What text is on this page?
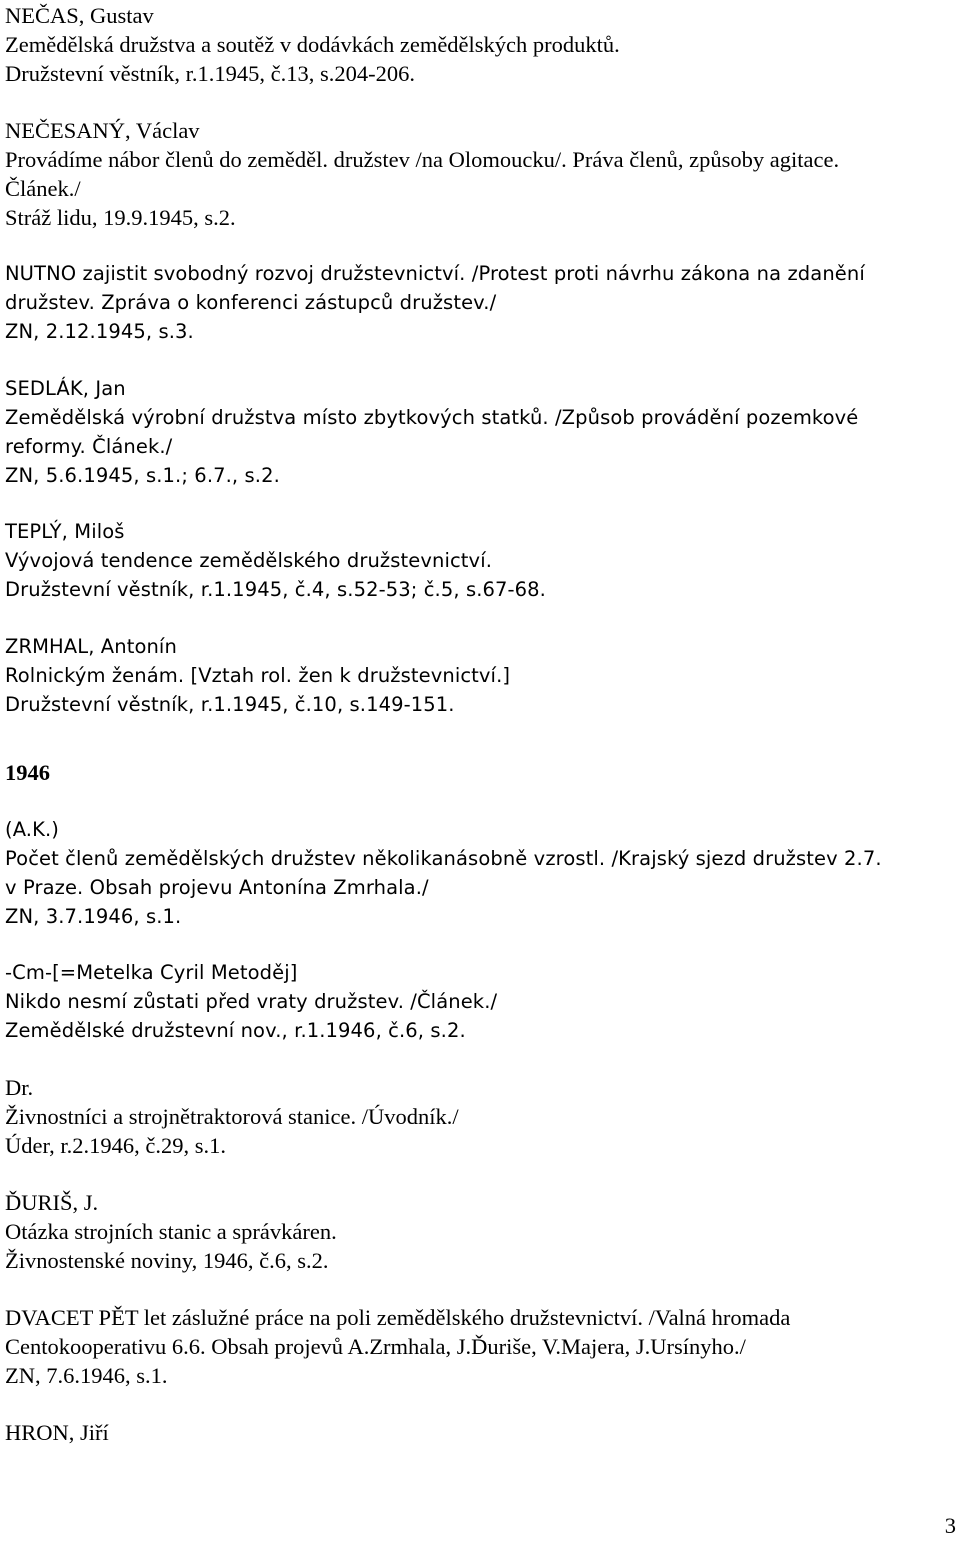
NEČAS, Gustav
Zemědělská družstva a soutěž v dodávkách zemědělských produktů.
Družstevní věstník, r.1.1945, č.13, s.204-206.
NEČESANÝ, Václav
Provádíme nábor členů do zeměděl. družstev /na Olomoucku/. Práva členů, způsoby agitace.
Článek./
Stráž lidu, 19.9.1945, s.2.
NUTNO zajistit svobodný rozvoj družstevnictví. /Protest proti návrhu zákona na zdanění
družstev. Zpráva o konferenci zástupců družstev./
ZN, 2.12.1945, s.3.
SEDLÁK, Jan
Zemědělská výrobní družstva místo zbytkových statků. /Způsob provádění pozemkové
reformy. Článek./
ZN, 5.6.1945, s.1.; 6.7., s.2.
TEPLÝ, Miloš
Vývojová tendence zemědělského družstevnictví.
Družstevní věstník, r.1.1945, č.4, s.52-53; č.5, s.67-68.
ZRMHAL, Antonín
Rolnickým ženám. [Vztah rol. žen k družstevnictví.]
Družstevní věstník, r.1.1945, č.10, s.149-151.
1946
(A.K.)
Počet členů zemědělských družstev několikanásobně vzrostl. /Krajský sjezd družstev 2.7.
v Praze. Obsah projevu Antonína Zmrhala./
ZN, 3.7.1946, s.1.
-Cm-[=Metelka Cyril Metoděj]
Nikdo nesmí zůstati před vraty družstev. /Článek./
Zemědělské družstevní nov., r.1.1946, č.6, s.2.
Dr.
Živnostníci a strojnětraktorová stanice. /Úvodník./
Úder, r.2.1946, č.29, s.1.
ĎURIŠ, J.
Otázka strojních stanic a správkáren.
Živnostenské noviny, 1946, č.6, s.2.
DVACET PĚT let záslužné práce na poli zemědělského družstevnictví. /Valná hromada
Centokooperativu 6.6. Obsah projevů A.Zrmhala, J.Ďuriše, V.Majera, J.Ursínyho./
ZN, 7.6.1946, s.1.
HRON, Jiří
3
